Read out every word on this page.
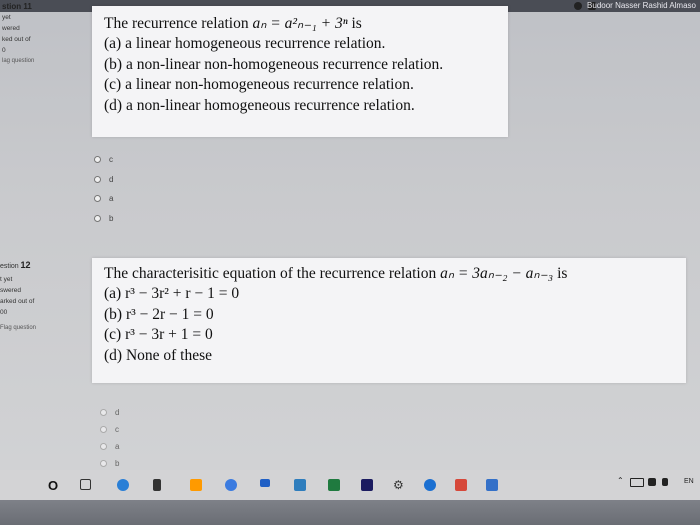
Budoor Nasser Rashid Almaso
stion 11
yet
wered
ked out of
0
lag question
The recurrence relation aₙ = a²ₙ₋₁ + 3ⁿ is
(a) a linear homogeneous recurrence relation.
(b) a non-linear non-homogeneous recurrence relation.
(c) a linear non-homogeneous recurrence relation.
(d) a non-linear homogeneous recurrence relation.
c
d
a
b
estion 12
t yet
swered
arked out of
00
Flag question
The characterisitic equation of the recurrence relation aₙ = 3aₙ₋₂ − aₙ₋₃ is
(a) r³ − 3r² + r − 1 = 0
(b) r³ − 2r − 1 = 0
(c) r³ − 3r + 1 = 0
(d) None of these
d
c
a
b
O	⚙	⌃	EN
